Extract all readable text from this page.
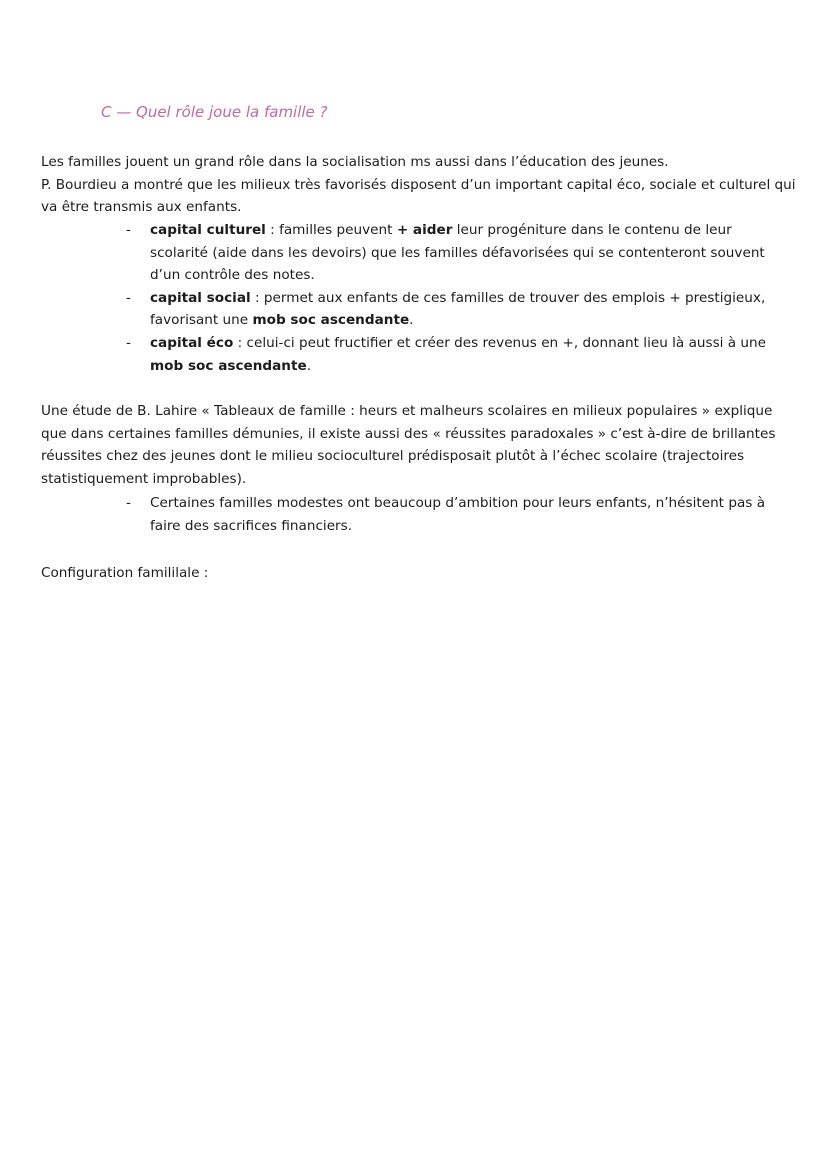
C — Quel rôle joue la famille ?

Les familles jouent un grand rôle dans la socialisation ms aussi dans l’éducation des jeunes.
P. Bourdieu a montré que les milieux très favorisés disposent d’un important capital éco, sociale et culturel qui va être transmis aux enfants.

- capital culturel : familles peuvent + aider leur progéniture dans le contenu de leur scolarité (aide dans les devoirs) que les familles défavorisées qui se contenteront souvent d’un contrôle des notes.
- capital social : permet aux enfants de ces familles de trouver des emplois + prestigieux, favorisant une mob soc ascendante.
- capital éco : celui-ci peut fructifier et créer des revenus en +, donnant lieu là aussi à une mob soc ascendante.

Une étude de B. Lahire « Tableaux de famille : heurs et malheurs scolaires en milieux populaires » explique que dans certaines familles démunies, il existe aussi des « réussites paradoxales » c’est à-dire de brillantes réussites chez des jeunes dont le milieu socioculturel prédisposait plutôt à l’échec scolaire (trajectoires statistiquement improbables).

- Certaines familles modestes ont beaucoup d’ambition pour leurs enfants, n’hésitent pas à faire des sacrifices financiers.

Configuration famililale :
